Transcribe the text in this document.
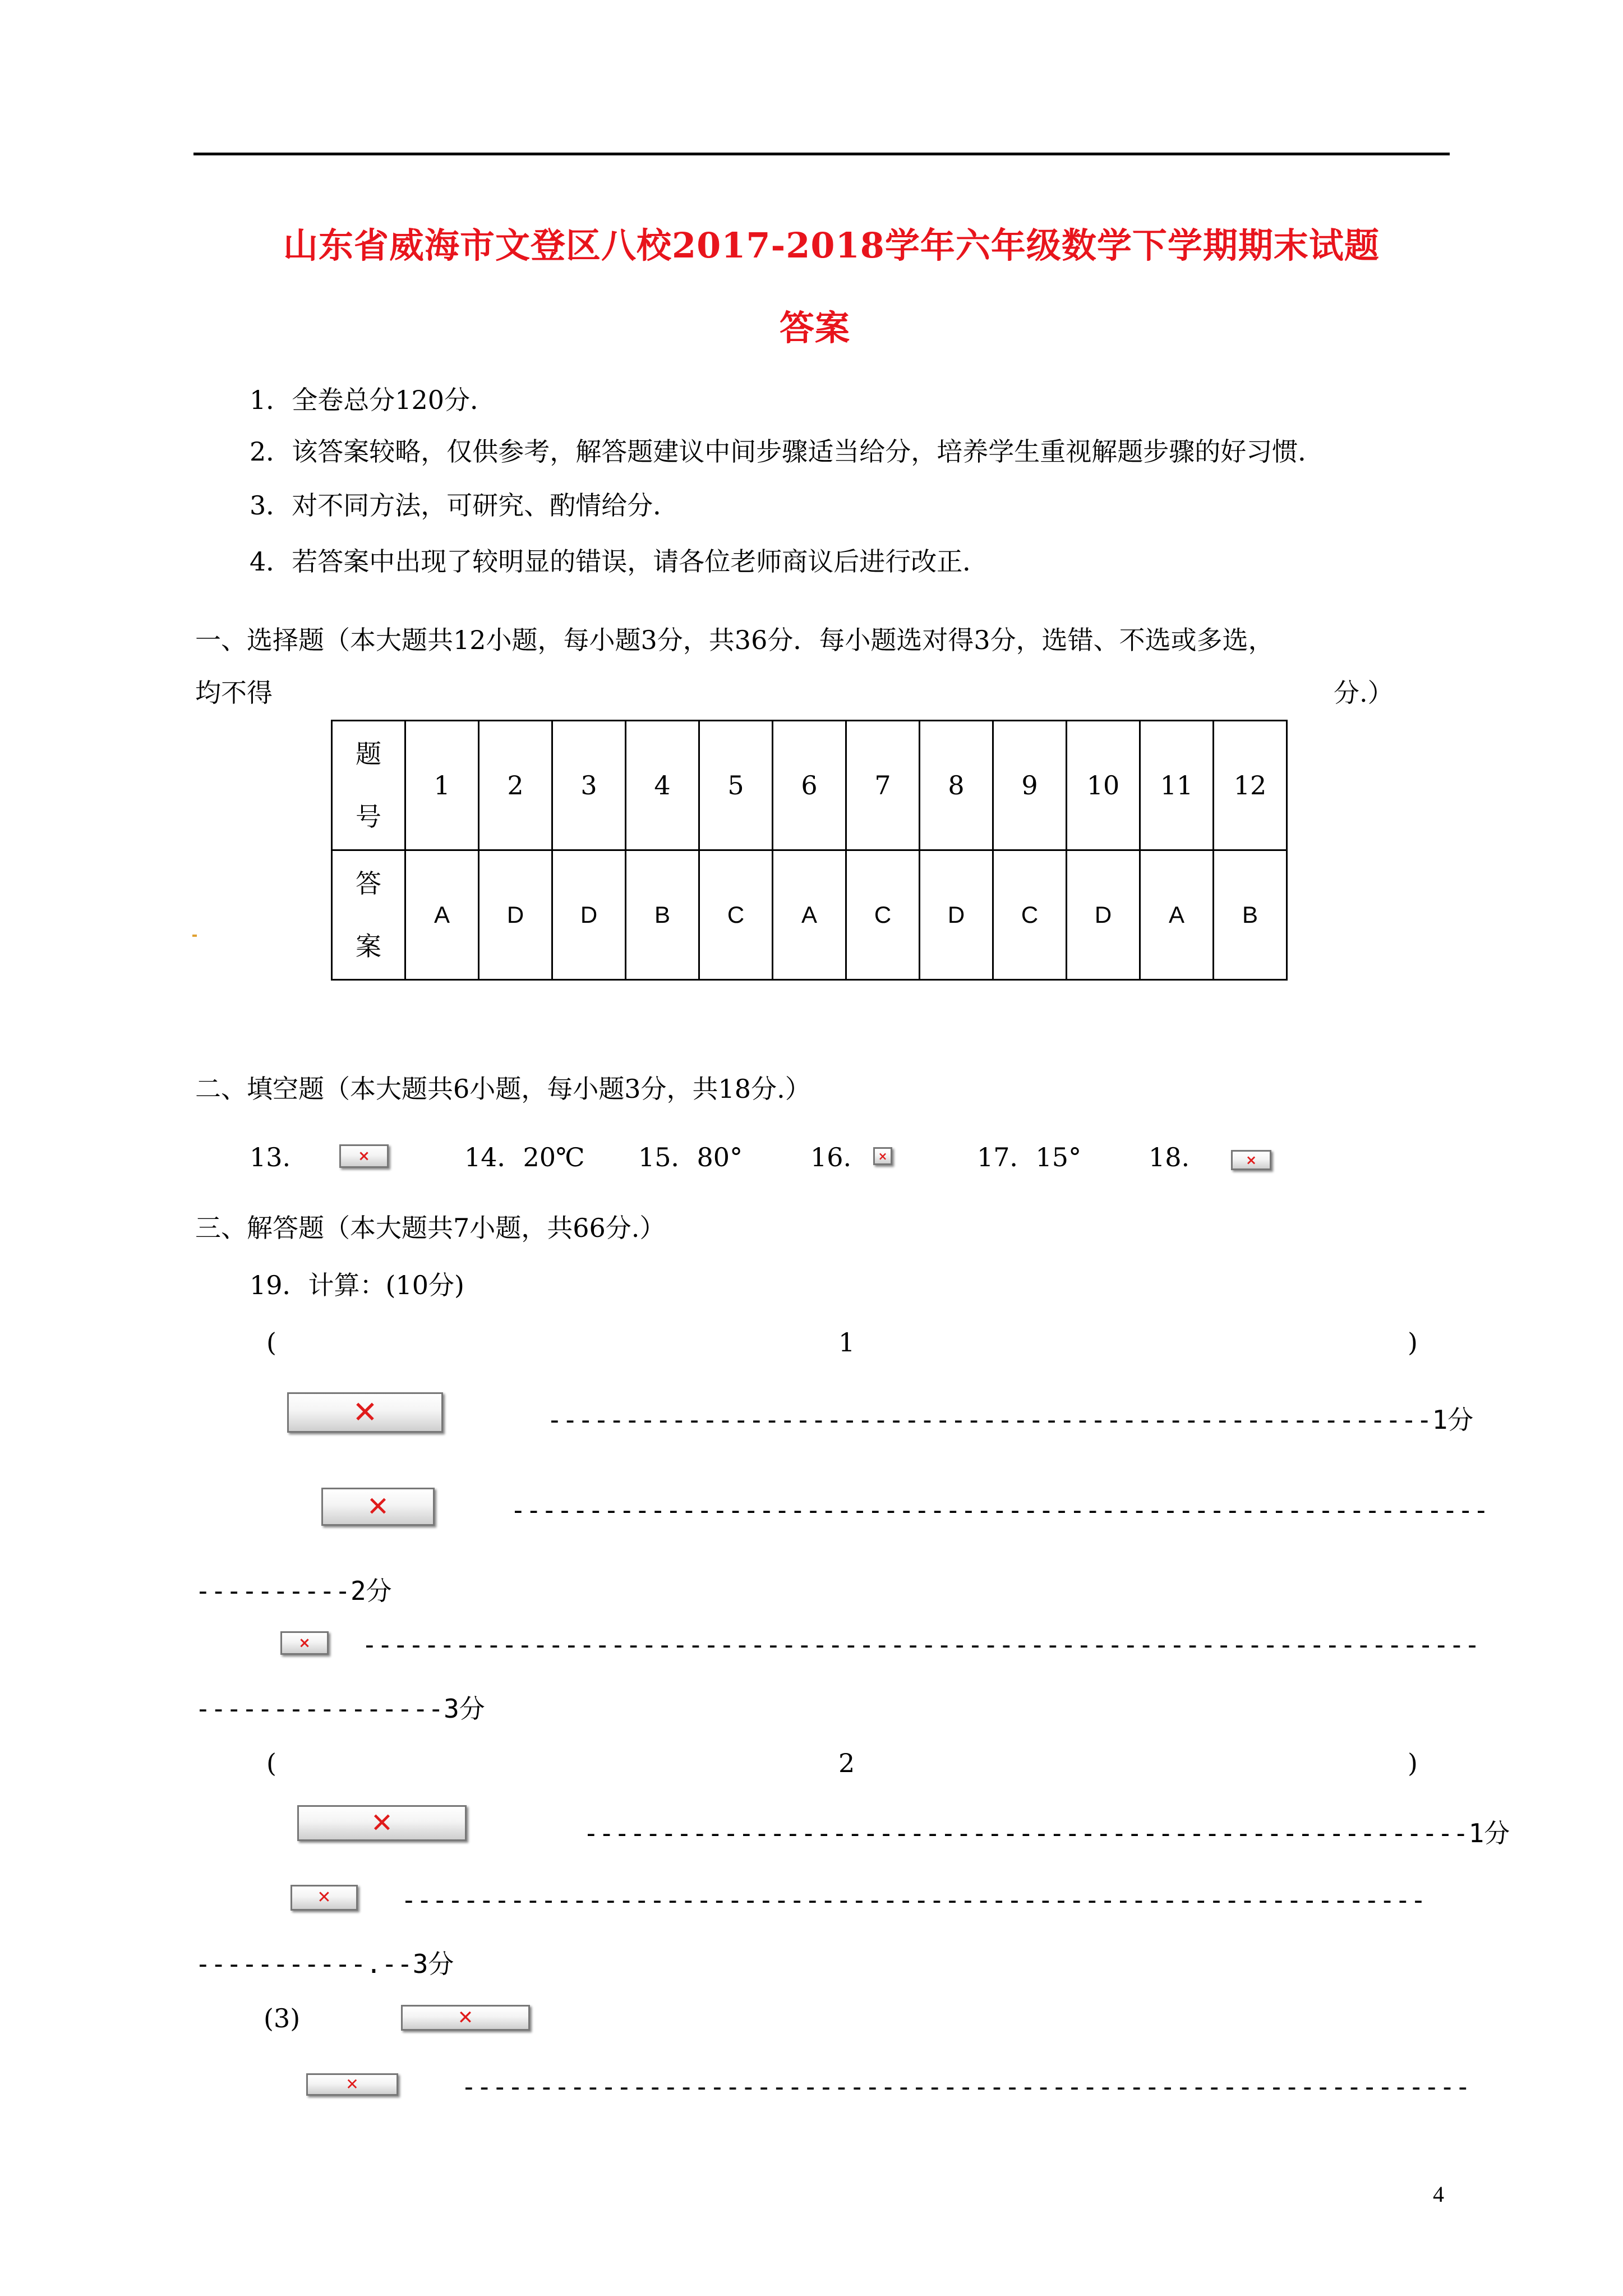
山东省威海市文登区八校2017-2018学年六年级数学下学期期末试题
答案
1．全卷总分120分．
2．该答案较略，仅供参考，解答题建议中间步骤适当给分，培养学生重视解题步骤的好习惯．
3．对不同方法，可研究、酌情给分．
4．若答案中出现了较明显的错误，请各位老师商议后进行改正．
一、选择题（本大题共12小题，每小题3分，共36分．每小题选对得3分，选错、不选或多选，
均不得	分.）
题
号	1	2	3	4	5	6	7	8	9	10	11	12
答
案	A	D	D	B	C	A	C	D	C	D	A	B
二、填空题（本大题共6小题，每小题3分，共18分.）
13.	×	14．20℃ 15．80°	16. ×	17．15°	18.	×
三、解答题（本大题共7小题，共66分.）
19．计算：(10分)
(	1	)
✕	---------------------------------------------------------1分
✕	---------------------------------------------------------------
----------2分
× ------------------------------------------------------------------------
----------------3分
(	2	)
✕	---------------------------------------------------------1分
✕	------------------------------------------------------------------
-----------.--3分
(3)	✕
✕	-----------------------------------------------------------------
4
